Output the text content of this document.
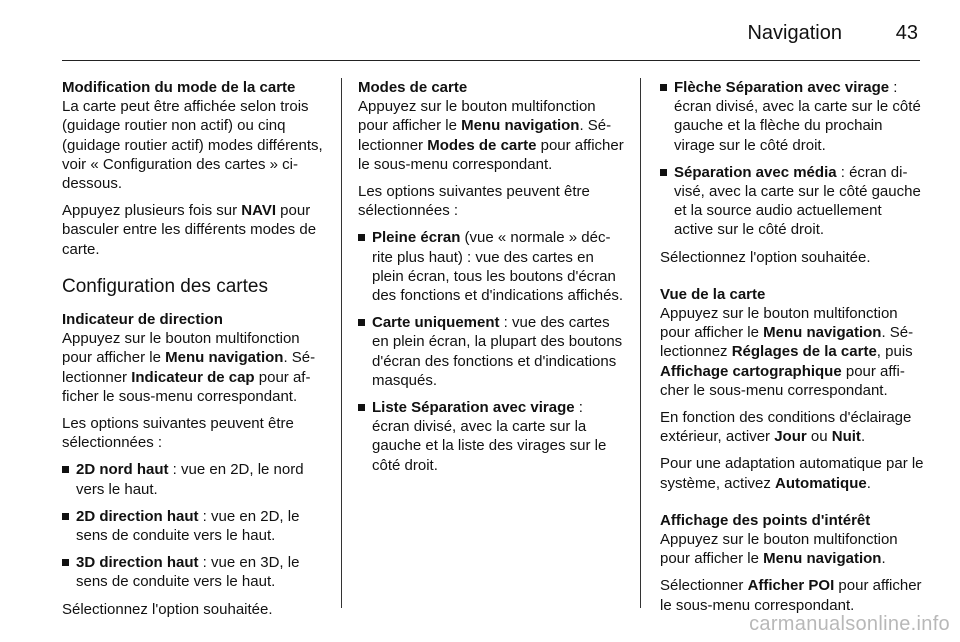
Navigation	43
Modification du mode de la carte
La carte peut être affichée selon trois (guidage routier non actif) ou cinq (guidage routier actif) modes différents, voir « Configuration des cartes » ci-dessous.
Appuyez plusieurs fois sur NAVI pour basculer entre les différents modes de carte.
Configuration des cartes
Indicateur de direction
Appuyez sur le bouton multifonction pour afficher le Menu navigation. Sélectionner Indicateur de cap pour afficher le sous-menu correspondant.
Les options suivantes peuvent être sélectionnées :
2D nord haut : vue en 2D, le nord vers le haut.
2D direction haut : vue en 2D, le sens de conduite vers le haut.
3D direction haut : vue en 3D, le sens de conduite vers le haut.
Sélectionnez l'option souhaitée.
Modes de carte
Appuyez sur le bouton multifonction pour afficher le Menu navigation. Sélectionner Modes de carte pour afficher le sous-menu correspondant.
Les options suivantes peuvent être sélectionnées :
Pleine écran (vue « normale » décrite plus haut) : vue des cartes en plein écran, tous les boutons d'écran des fonctions et d'indications affichés.
Carte uniquement : vue des cartes en plein écran, la plupart des boutons d'écran des fonctions et d'indications masqués.
Liste Séparation avec virage : écran divisé, avec la carte sur la gauche et la liste des virages sur le côté droit.
Flèche Séparation avec virage : écran divisé, avec la carte sur le côté gauche et la flèche du prochain virage sur le côté droit.
Séparation avec média : écran divisé, avec la carte sur le côté gauche et la source audio actuellement active sur le côté droit.
Sélectionnez l'option souhaitée.
Vue de la carte
Appuyez sur le bouton multifonction pour afficher le Menu navigation. Sélectionnez Réglages de la carte, puis Affichage cartographique pour afficher le sous-menu correspondant.
En fonction des conditions d'éclairage extérieur, activer Jour ou Nuit.
Pour une adaptation automatique par le système, activez Automatique.
Affichage des points d'intérêt
Appuyez sur le bouton multifonction pour afficher le Menu navigation.
Sélectionner Afficher POI pour afficher le sous-menu correspondant.
carmanualsonline.info
